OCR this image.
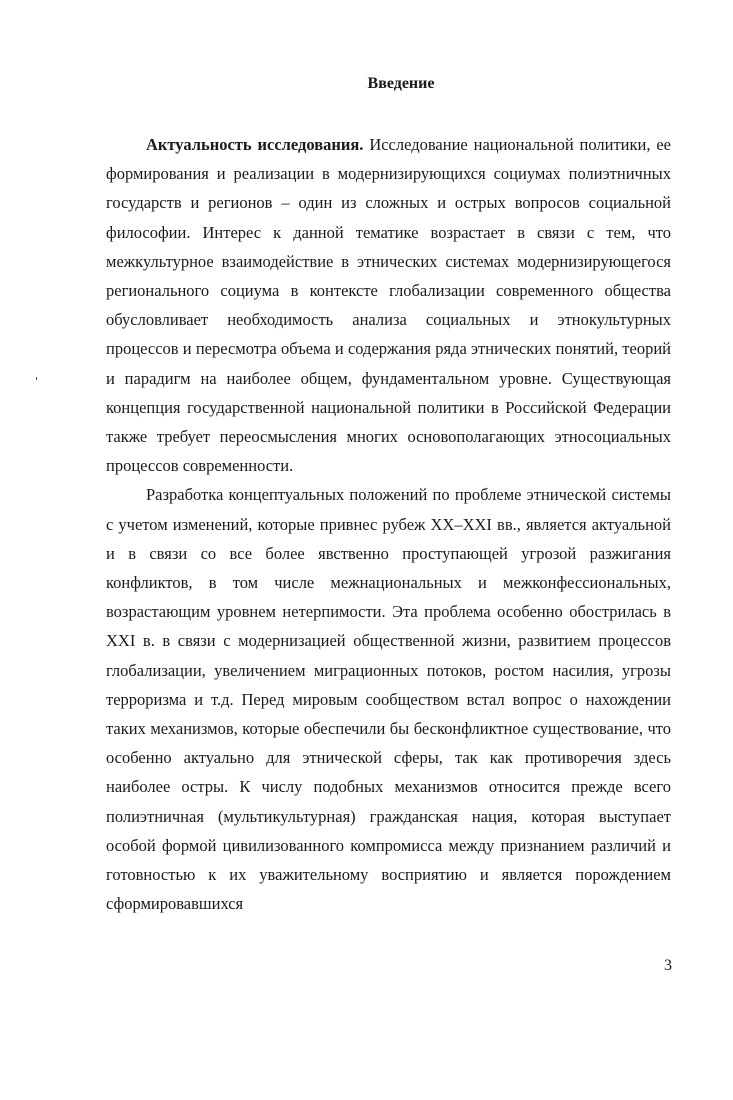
Введение

Актуальность исследования. Исследование национальной политики, ее формирования и реализации в модернизирующихся социумах полиэтничных государств и регионов – один из сложных и острых вопросов социальной философии. Интерес к данной тематике возрастает в связи с тем, что межкультурное взаимодействие в этнических системах модернизирующегося регионального социума в контексте глобализации современного общества обусловливает необходимость анализа социальных и этнокультурных процессов и пересмотра объема и содержания ряда этнических понятий, теорий и парадигм на наиболее общем, фундаментальном уровне. Существующая концепция государственной национальной политики в Российской Федерации также требует переосмысления многих основополагающих этносоциальных процессов современности.

Разработка концептуальных положений по проблеме этнической системы с учетом изменений, которые привнес рубеж XX–XXI вв., является актуальной и в связи со все более явственно проступающей угрозой разжигания конфликтов, в том числе межнациональных и межконфессиональных, возрастающим уровнем нетерпимости. Эта проблема особенно обострилась в XXI в. в связи с модернизацией общественной жизни, развитием процессов глобализации, увеличением миграционных потоков, ростом насилия, угрозы терроризма и т.д. Перед мировым сообществом встал вопрос о нахождении таких механизмов, которые обеспечили бы бесконфликтное существование, что особенно актуально для этнической сферы, так как противоречия здесь наиболее остры. К числу подобных механизмов относится прежде всего полиэтничная (мультикультурная) гражданская нация, которая выступает особой формой цивилизованного компромисса между признанием различий и готовностью к их уважительному восприятию и является порождением сформировавшихся

3
